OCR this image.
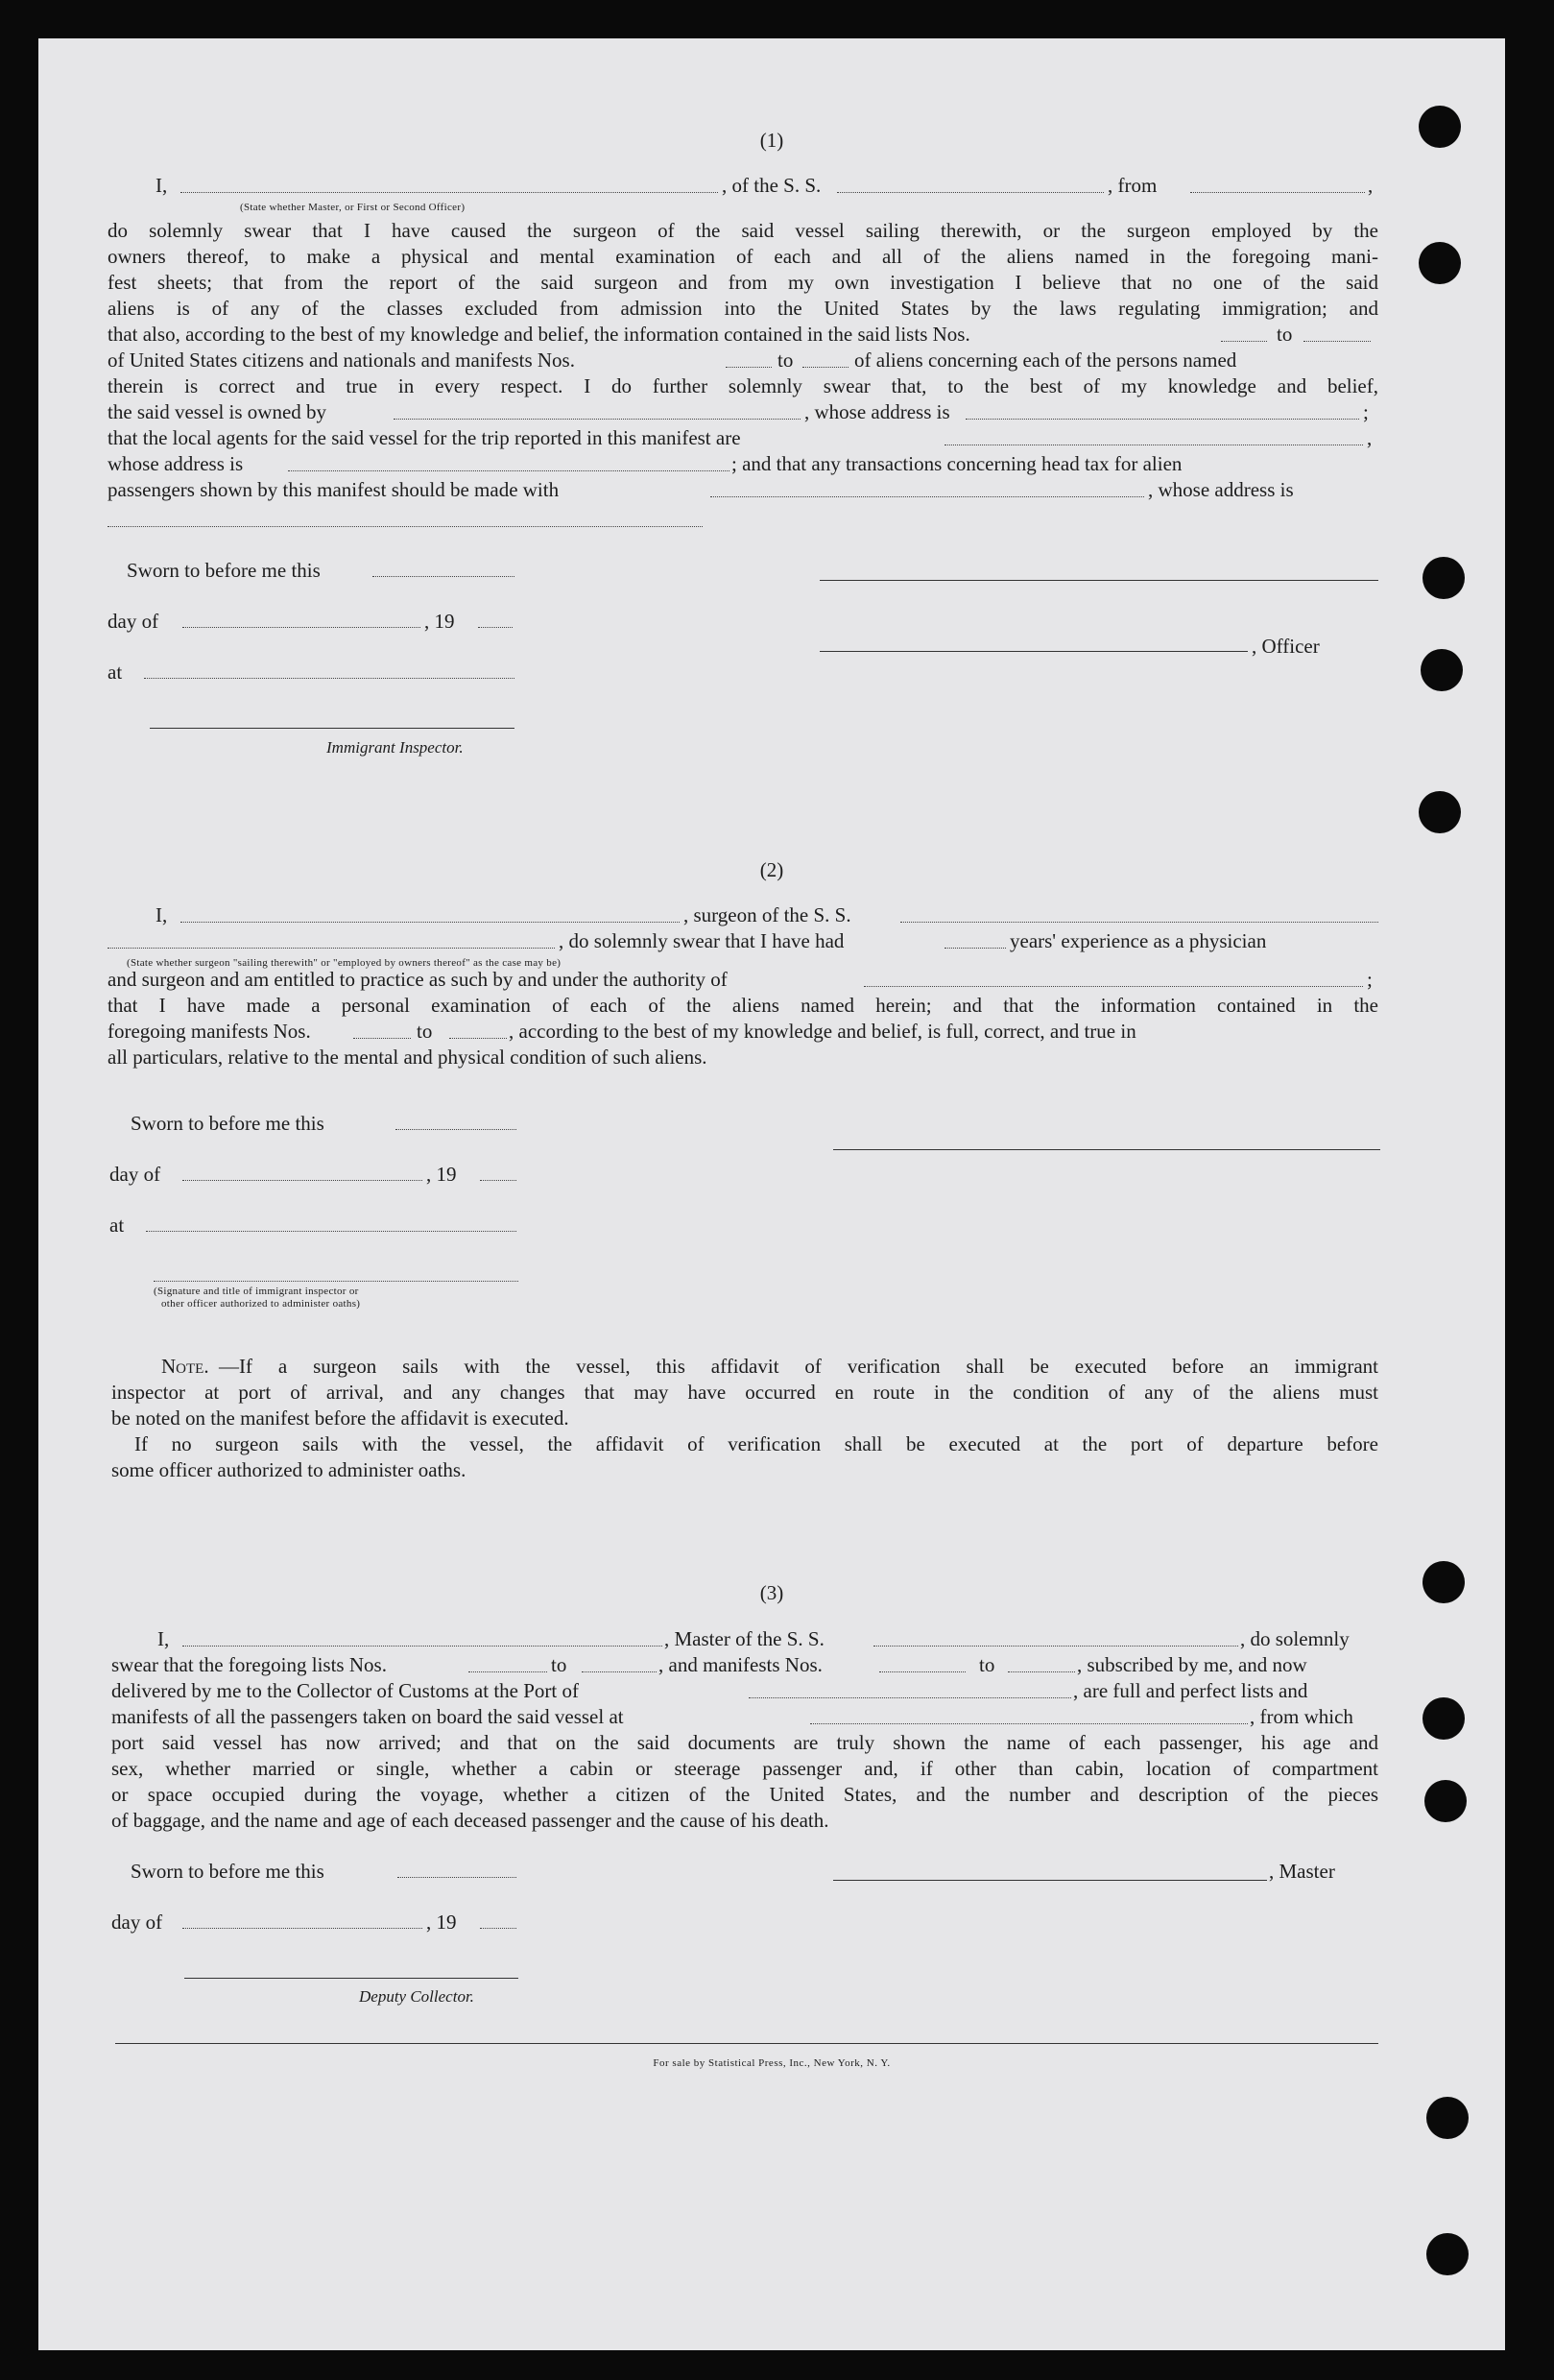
(1)
I,	, of the S. S.	, from	,
(State whether Master, or First or Second Officer)
do solemnly swear that I have caused the surgeon of the said vessel sailing therewith, or the surgeon employed by the
owners thereof, to make a physical and mental examination of each and all of the aliens named in the foregoing mani-
fest sheets; that from the report of the said surgeon and from my own investigation I believe that no one of the said
aliens is of any of the classes excluded from admission into the United States by the laws regulating immigration; and
that also, according to the best of my knowledge and belief, the information contained in the said lists Nos.	to
of United States citizens and nationals and manifests Nos.	to	of aliens concerning each of the persons named
therein is correct and true in every respect. I do further solemnly swear that, to the best of my knowledge and belief,
the said vessel is owned by	, whose address is	;
that the local agents for the said vessel for the trip reported in this manifest are	,
whose address is	; and that any transactions concerning head tax for alien
passengers shown by this manifest should be made with	, whose address is
Sworn to before me this
day of	, 19
at
Immigrant Inspector.
, Officer
(2)
I,	, surgeon of the S. S.
, do solemnly swear that I have had	years' experience as a physician
(State whether surgeon "sailing therewith" or "employed by owners thereof" as the case may be)
and surgeon and am entitled to practice as such by and under the authority of	;
that I have made a personal examination of each of the aliens named herein; and that the information contained in the
foregoing manifests Nos.	to	, according to the best of my knowledge and belief, is full, correct, and true in
all particulars, relative to the mental and physical condition of such aliens.
Sworn to before me this
day of	, 19
at
(Signature and title of immigrant inspector or
other officer authorized to administer oaths)
Note. —If a surgeon sails with the vessel, this affidavit of verification shall be executed before an immigrant
inspector at port of arrival, and any changes that may have occurred en route in the condition of any of the aliens must
be noted on the manifest before the affidavit is executed.
If no surgeon sails with the vessel, the affidavit of verification shall be executed at the port of departure before
some officer authorized to administer oaths.
(3)
I,	, Master of the S. S.	, do solemnly
swear that the foregoing lists Nos.	to	, and manifests Nos.	to	, subscribed by me, and now
delivered by me to the Collector of Customs at the Port of	, are full and perfect lists and
manifests of all the passengers taken on board the said vessel at	, from which
port said vessel has now arrived; and that on the said documents are truly shown the name of each passenger, his age and
sex, whether married or single, whether a cabin or steerage passenger and, if other than cabin, location of compartment
or space occupied during the voyage, whether a citizen of the United States, and the number and description of the pieces
of baggage, and the name and age of each deceased passenger and the cause of his death.
Sworn to before me this	, Master
day of	, 19
Deputy Collector.
For sale by Statistical Press, Inc., New York, N. Y.
